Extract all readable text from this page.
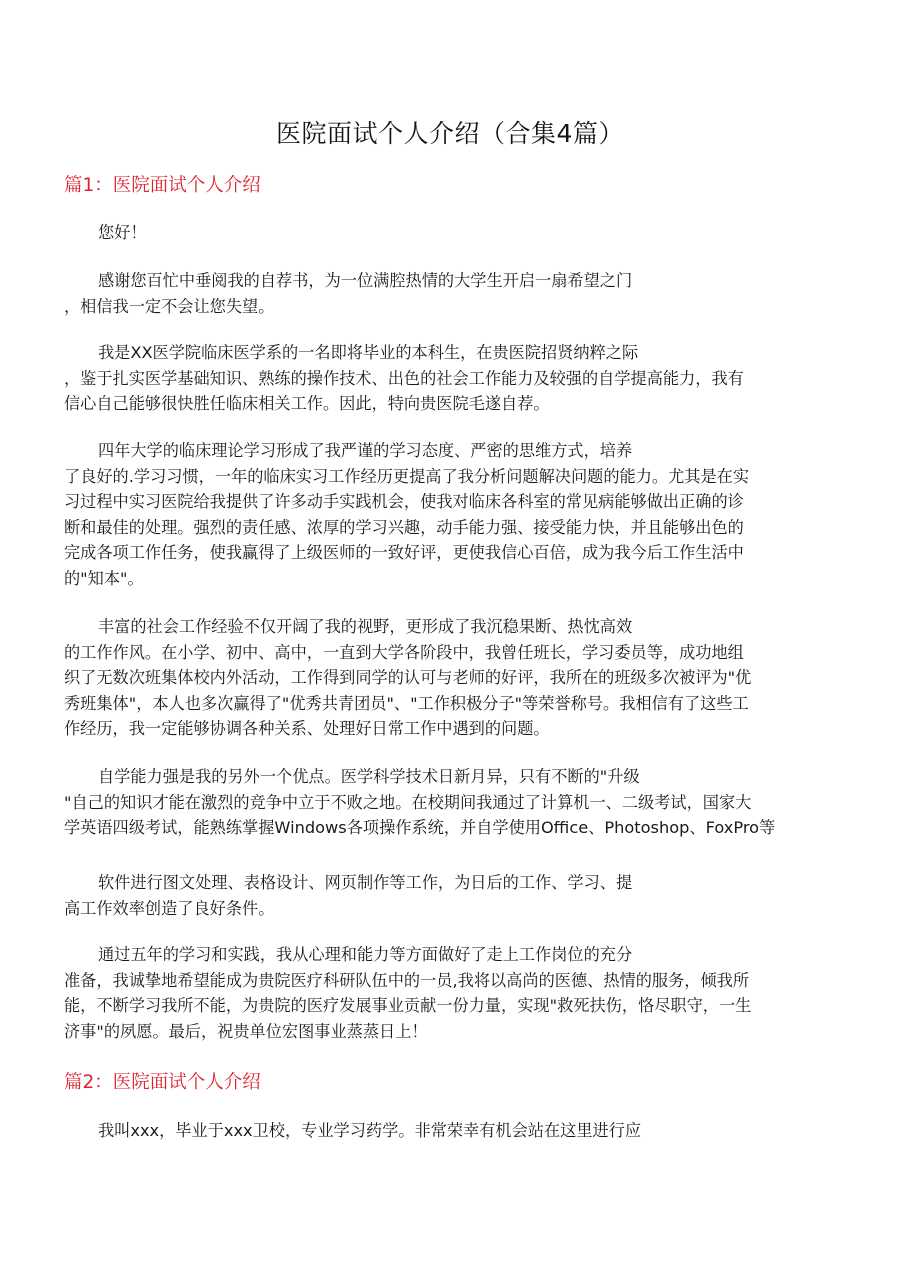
医院面试个人介绍（合集4篇）
篇1：医院面试个人介绍
您好！
感谢您百忙中垂阅我的自荐书，为一位满腔热情的大学生开启一扇希望之门
，相信我一定不会让您失望。
我是XX医学院临床医学系的一名即将毕业的本科生，在贵医院招贤纳粹之际
，鉴于扎实医学基础知识、熟练的操作技术、出色的社会工作能力及较强的自学提高能力，我有
信心自己能够很快胜任临床相关工作。因此，特向贵医院毛遂自荐。
四年大学的临床理论学习形成了我严谨的学习态度、严密的思维方式，培养
了良好的.学习习惯，一年的临床实习工作经历更提高了我分析问题解决问题的能力。尤其是在实
习过程中实习医院给我提供了许多动手实践机会，使我对临床各科室的常见病能够做出正确的诊
断和最佳的处理。强烈的责任感、浓厚的学习兴趣，动手能力强、接受能力快，并且能够出色的
完成各项工作任务，使我赢得了上级医师的一致好评，更使我信心百倍，成为我今后工作生活中
的"知本"。
丰富的社会工作经验不仅开阔了我的视野，更形成了我沉稳果断、热忱高效
的工作作风。在小学、初中、高中，一直到大学各阶段中，我曾任班长，学习委员等，成功地组
织了无数次班集体校内外活动，工作得到同学的认可与老师的好评，我所在的班级多次被评为"优
秀班集体"，本人也多次赢得了"优秀共青团员"、"工作积极分子"等荣誉称号。我相信有了这些工
作经历，我一定能够协调各种关系、处理好日常工作中遇到的问题。
自学能力强是我的另外一个优点。医学科学技术日新月异，只有不断的"升级
"自己的知识才能在激烈的竞争中立于不败之地。在校期间我通过了计算机一、二级考试，国家大
学英语四级考试，能熟练掌握Windows各项操作系统，并自学使用Office、Photoshop、FoxPro等
软件进行图文处理、表格设计、网页制作等工作，为日后的工作、学习、提
高工作效率创造了良好条件。
通过五年的学习和实践，我从心理和能力等方面做好了走上工作岗位的充分
准备，我诚挚地希望能成为贵院医疗科研队伍中的一员,我将以高尚的医德、热情的服务，倾我所
能，不断学习我所不能，为贵院的医疗发展事业贡献一份力量，实现"救死扶伤，恪尽职守，一生
济事"的夙愿。最后，祝贵单位宏图事业蒸蒸日上！
篇2：医院面试个人介绍
我叫xxx，毕业于xxx卫校，专业学习药学。非常荣幸有机会站在这里进行应
